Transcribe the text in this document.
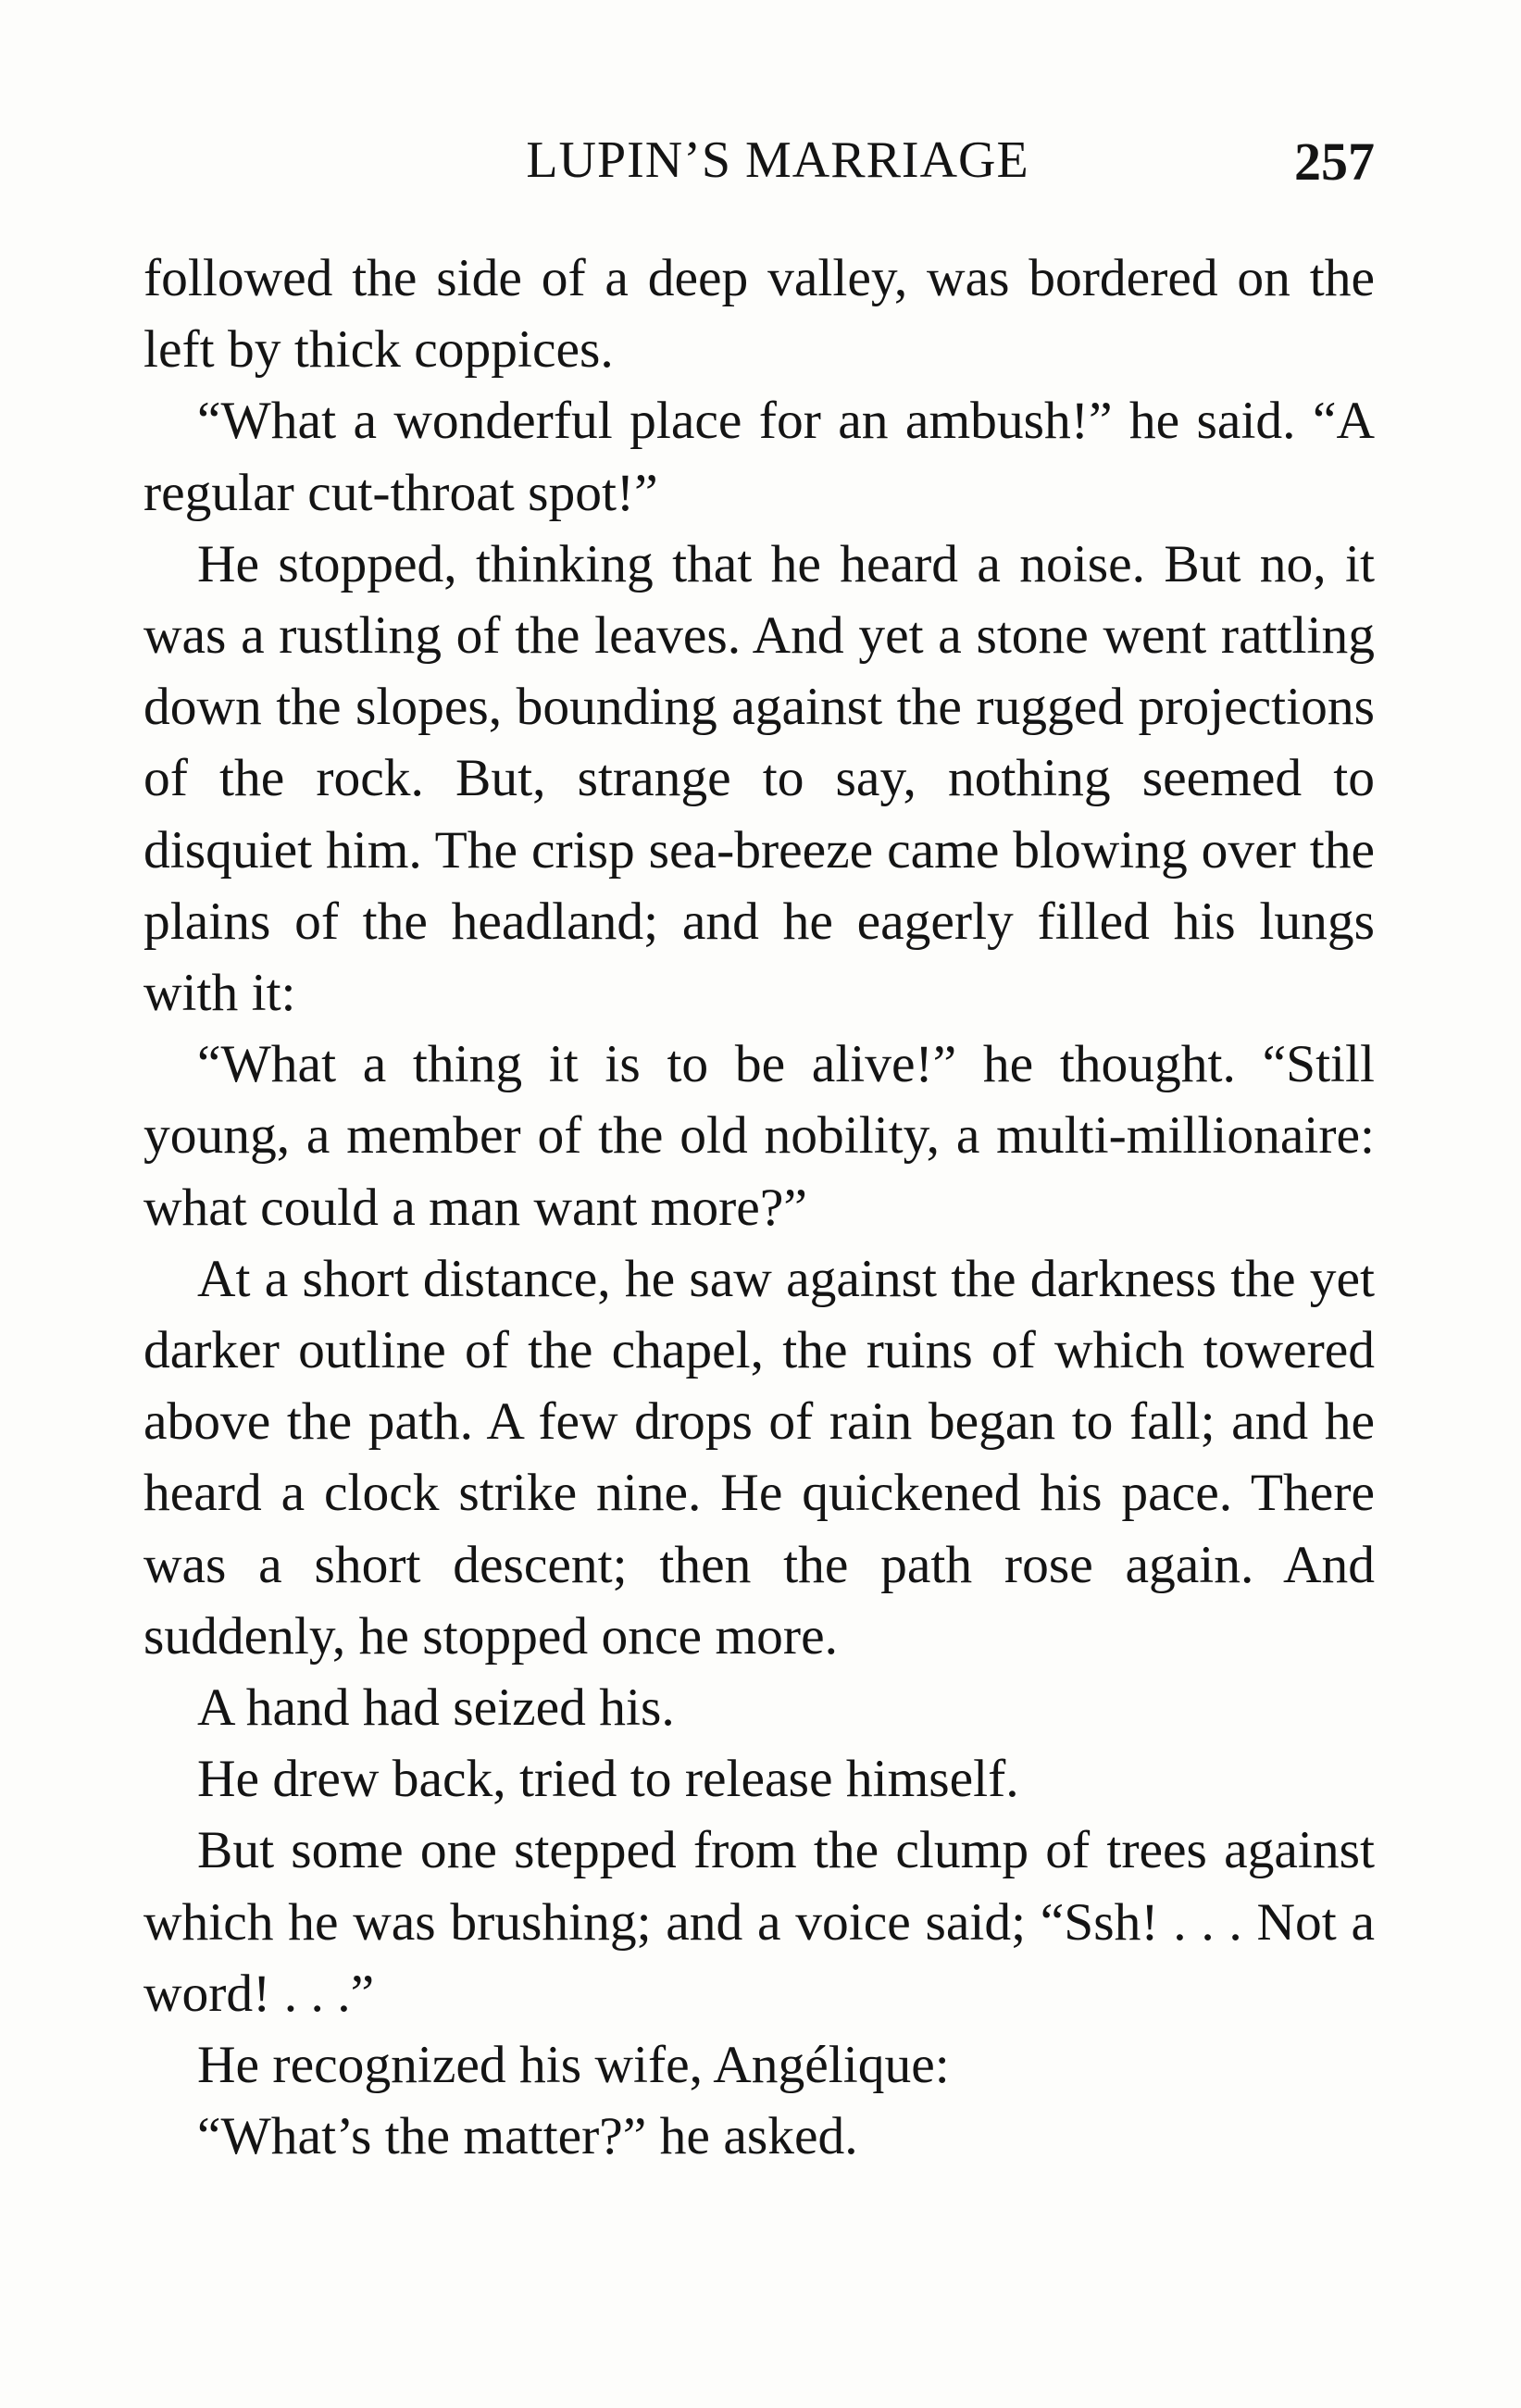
LUPIN’S MARRIAGE	257

followed the side of a deep valley, was bordered on the left by thick coppices.

“What a wonderful place for an ambush!” he said. “A regular cut-throat spot!”

He stopped, thinking that he heard a noise. But no, it was a rustling of the leaves. And yet a stone went rattling down the slopes, bounding against the rugged projections of the rock. But, strange to say, nothing seemed to disquiet him. The crisp sea-breeze came blowing over the plains of the headland; and he eagerly filled his lungs with it:

“What a thing it is to be alive!” he thought. “Still young, a member of the old nobility, a multi-millionaire: what could a man want more?”

At a short distance, he saw against the darkness the yet darker outline of the chapel, the ruins of which towered above the path. A few drops of rain began to fall; and he heard a clock strike nine. He quickened his pace. There was a short descent; then the path rose again. And suddenly, he stopped once more.

A hand had seized his.

He drew back, tried to release himself.

But some one stepped from the clump of trees against which he was brushing; and a voice said; “Ssh! . . . Not a word! . . .”

He recognized his wife, Angélique:

“What’s the matter?” he asked.
